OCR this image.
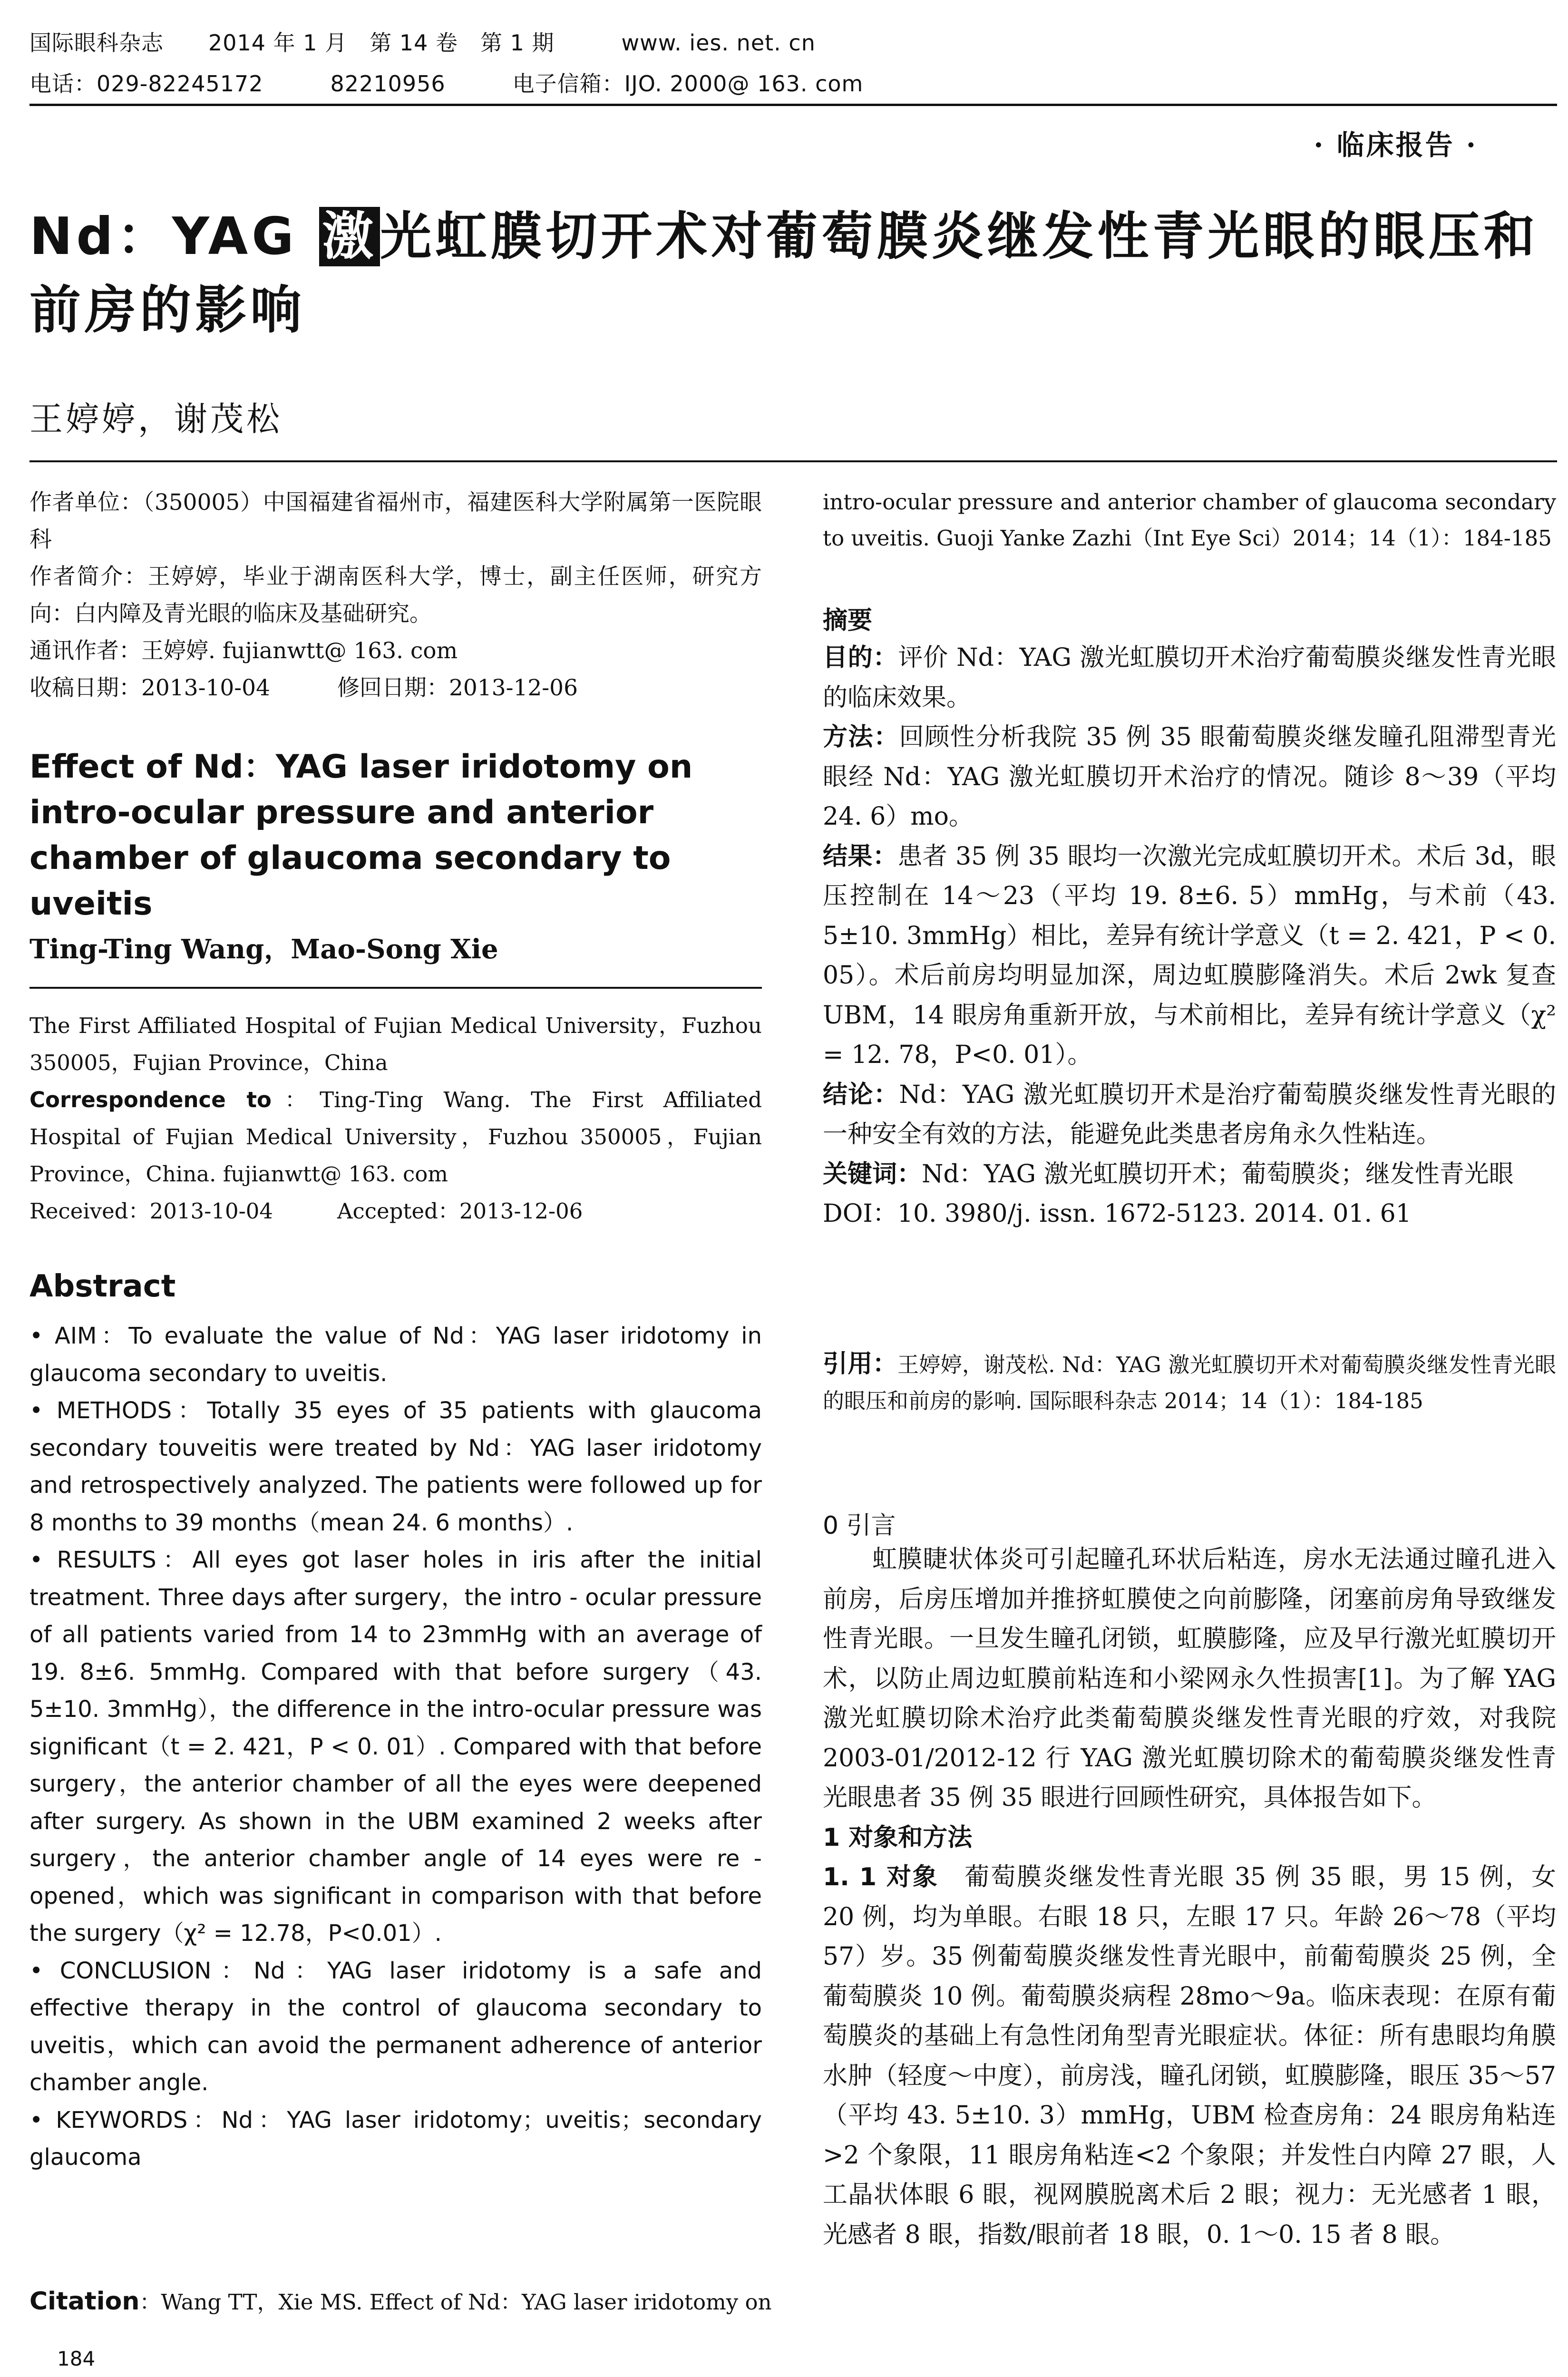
国际眼科杂志　　2014 年 1 月　第 14 卷　第 1 期　　　www. ies. net. cn
电话：029-82245172　　　82210956　　　电子信箱：IJO. 2000@ 163. com
· 临床报告 ·
Nd：YAG 激光虹膜切开术对葡萄膜炎继发性青光眼的眼压和前房的影响
王婷婷，谢茂松

作者单位：（350005）中国福建省福州市，福建医科大学附属第一医院眼科

作者简介：王婷婷，毕业于湖南医科大学，博士，副主任医师，研究方向：白内障及青光眼的临床及基础研究。

通讯作者：王婷婷. fujianwtt@ 163. com

收稿日期：2013-10-04　　　修回日期：2013-12-06

Effect of Nd：YAG laser iridotomy on intro-ocular pressure and anterior chamber of glaucoma secondary to uveitis
Ting-Ting Wang，Mao-Song Xie

The First Affiliated Hospital of Fujian Medical University，Fuzhou 350005，Fujian Province，China

Correspondence to：Ting-Ting Wang. The First Affiliated Hospital of Fujian Medical University，Fuzhou 350005，Fujian Province，China. fujianwtt@ 163. com

Received：2013-10-04　　　Accepted：2013-12-06

Abstract

• AIM：To evaluate the value of Nd：YAG laser iridotomy in glaucoma secondary to uveitis.

• METHODS：Totally 35 eyes of 35 patients with glaucoma secondary touveitis were treated by Nd：YAG laser iridotomy and retrospectively analyzed. The patients were followed up for 8 months to 39 months（mean 24. 6 months）.

• RESULTS：All eyes got laser holes in iris after the initial treatment. Three days after surgery，the intro - ocular pressure of all patients varied from 14 to 23mmHg with an average of 19. 8±6. 5mmHg. Compared with that before surgery（43. 5±10. 3mmHg），the difference in the intro-ocular pressure was significant（t = 2. 421，P < 0. 01）. Compared with that before surgery，the anterior chamber of all the eyes were deepened after surgery. As shown in the UBM examined 2 weeks after surgery，the anterior chamber angle of 14 eyes were re - opened，which was significant in comparison with that before the surgery（χ² = 12.78，P<0.01）.

• CONCLUSION：Nd：YAG laser iridotomy is a safe and effective therapy in the control of glaucoma secondary to uveitis，which can avoid the permanent adherence of anterior chamber angle.

• KEYWORDS：Nd：YAG laser iridotomy；uveitis；secondary glaucoma

Citation：Wang TT，Xie MS. Effect of Nd：YAG laser iridotomy on
184
intro-ocular pressure and anterior chamber of glaucoma secondary to uveitis. Guoji Yanke Zazhi（Int Eye Sci）2014；14（1）：184-185
摘要

目的：评价 Nd：YAG 激光虹膜切开术治疗葡萄膜炎继发性青光眼的临床效果。

方法：回顾性分析我院 35 例 35 眼葡萄膜炎继发瞳孔阻滞型青光眼经 Nd：YAG 激光虹膜切开术治疗的情况。随诊 8～39（平均 24. 6）mo。

结果：患者 35 例 35 眼均一次激光完成虹膜切开术。术后 3d，眼压控制在 14～23（平均 19. 8±6. 5）mmHg，与术前（43. 5±10. 3mmHg）相比，差异有统计学意义（t = 2. 421，P < 0. 05）。术后前房均明显加深，周边虹膜膨隆消失。术后 2wk 复查 UBM，14 眼房角重新开放，与术前相比，差异有统计学意义（χ² = 12. 78，P<0. 01）。

结论：Nd：YAG 激光虹膜切开术是治疗葡萄膜炎继发性青光眼的一种安全有效的方法，能避免此类患者房角永久性粘连。

关键词：Nd：YAG 激光虹膜切开术；葡萄膜炎；继发性青光眼

DOI：10. 3980/j. issn. 1672-5123. 2014. 01. 61

引用：王婷婷，谢茂松. Nd：YAG 激光虹膜切开术对葡萄膜炎继发性青光眼的眼压和前房的影响. 国际眼科杂志 2014；14（1）：184-185
0 引言

虹膜睫状体炎可引起瞳孔环状后粘连，房水无法通过瞳孔进入前房，后房压增加并推挤虹膜使之向前膨隆，闭塞前房角导致继发性青光眼。一旦发生瞳孔闭锁，虹膜膨隆，应及早行激光虹膜切开术，以防止周边虹膜前粘连和小梁网永久性损害[1]。为了解 YAG 激光虹膜切除术治疗此类葡萄膜炎继发性青光眼的疗效，对我院 2003-01/2012-12 行 YAG 激光虹膜切除术的葡萄膜炎继发性青光眼患者 35 例 35 眼进行回顾性研究，具体报告如下。

1 对象和方法

1. 1 对象　葡萄膜炎继发性青光眼 35 例 35 眼，男 15 例，女 20 例，均为单眼。右眼 18 只，左眼 17 只。年龄 26～78（平均 57）岁。35 例葡萄膜炎继发性青光眼中，前葡萄膜炎 25 例，全葡萄膜炎 10 例。葡萄膜炎病程 28mo～9a。临床表现：在原有葡萄膜炎的基础上有急性闭角型青光眼症状。体征：所有患眼均角膜水肿（轻度～中度），前房浅，瞳孔闭锁，虹膜膨隆，眼压 35～57（平均 43. 5±10. 3）mmHg，UBM 检查房角：24 眼房角粘连>2 个象限，11 眼房角粘连<2 个象限；并发性白内障 27 眼，人工晶状体眼 6 眼，视网膜脱离术后 2 眼；视力：无光感者 1 眼，光感者 8 眼，指数/眼前者 18 眼，0. 1～0. 15 者 8 眼。
